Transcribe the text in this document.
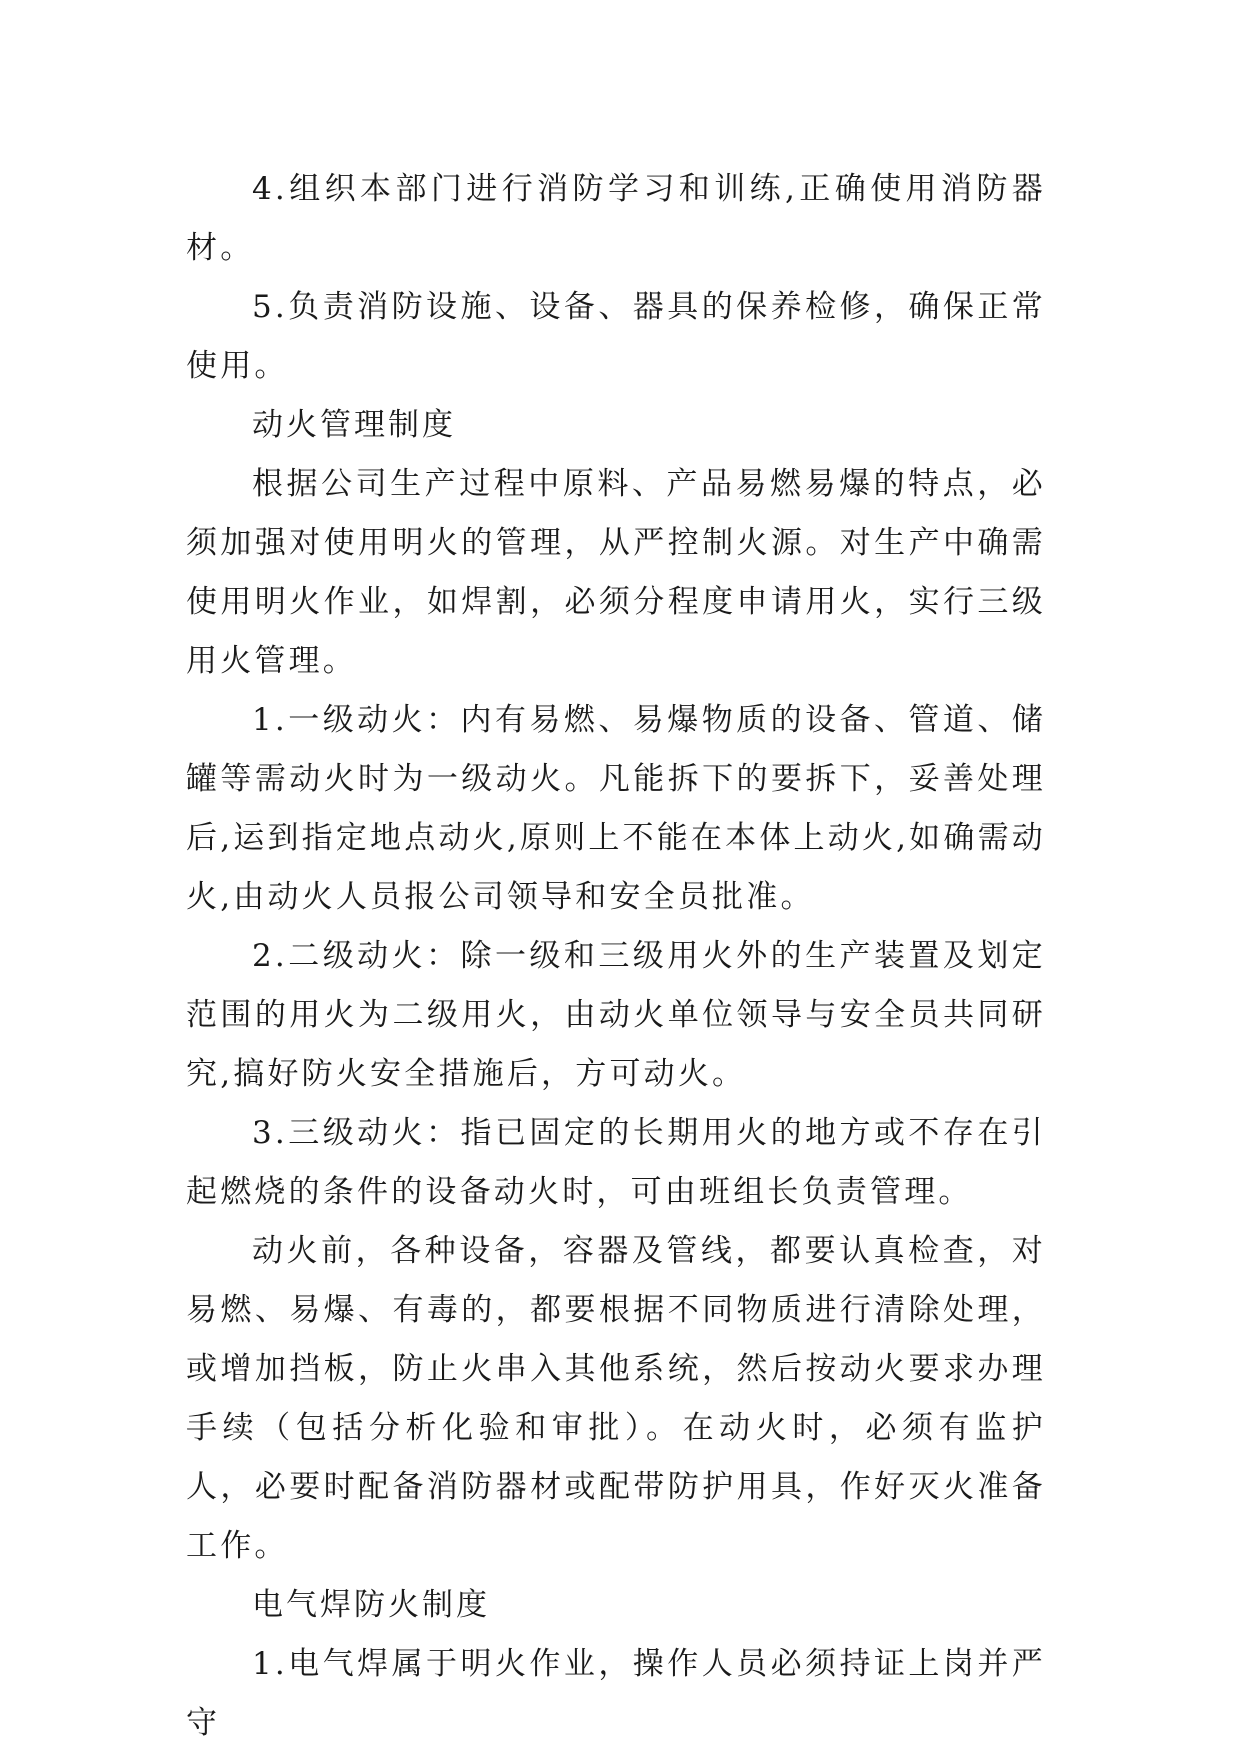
4.组织本部门进行消防学习和训练,正确使用消防器材。

5.负责消防设施、设备、器具的保养检修，确保正常使用。

动火管理制度

根据公司生产过程中原料、产品易燃易爆的特点，必须加强对使用明火的管理，从严控制火源。对生产中确需使用明火作业，如焊割，必须分程度申请用火，实行三级用火管理。

1.一级动火：内有易燃、易爆物质的设备、管道、储罐等需动火时为一级动火。凡能拆下的要拆下，妥善处理后,运到指定地点动火,原则上不能在本体上动火,如确需动火,由动火人员报公司领导和安全员批准。

2.二级动火：除一级和三级用火外的生产装置及划定范围的用火为二级用火，由动火单位领导与安全员共同研究,搞好防火安全措施后，方可动火。

3.三级动火：指已固定的长期用火的地方或不存在引起燃烧的条件的设备动火时，可由班组长负责管理。

动火前，各种设备，容器及管线，都要认真检查，对易燃、易爆、有毒的，都要根据不同物质进行清除处理，或增加挡板，防止火串入其他系统，然后按动火要求办理手续（包括分析化验和审批）。在动火时，必须有监护人，必要时配备消防器材或配带防护用具，作好灭火准备工作。

电气焊防火制度

1.电气焊属于明火作业，操作人员必须持证上岗并严守
